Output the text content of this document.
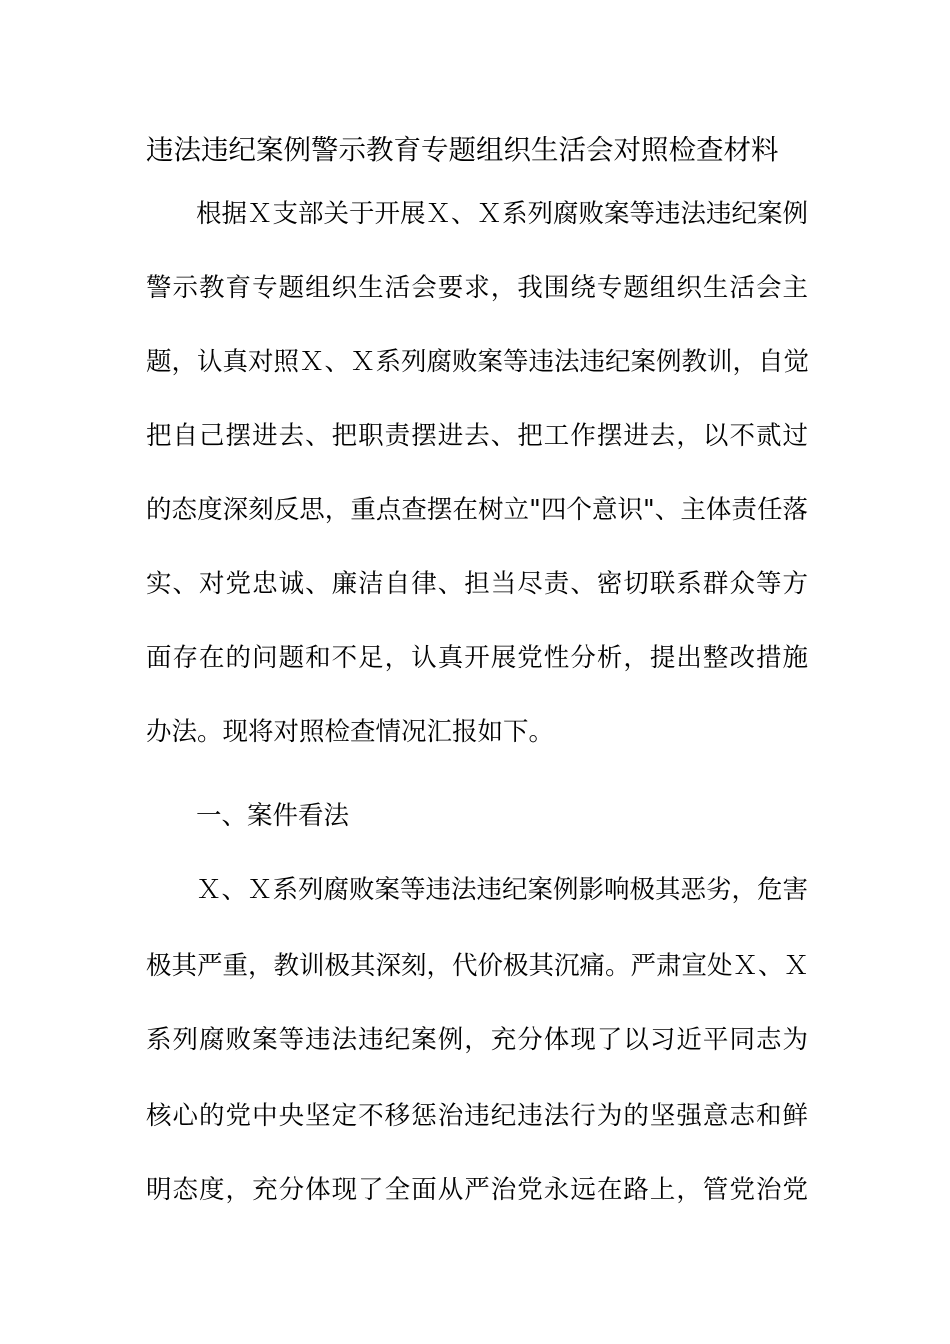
违法违纪案例警示教育专题组织生活会对照检查材料
根据Ｘ支部关于开展Ｘ、Ｘ系列腐败案等违法违纪案例
警示教育专题组织生活会要求，我围绕专题组织生活会主
题，认真对照Ｘ、Ｘ系列腐败案等违法违纪案例教训，自觉
把自己摆进去、把职责摆进去、把工作摆进去，以不贰过
的态度深刻反思，重点查摆在树立"四个意识"、主体责任落
实、对党忠诚、廉洁自律、担当尽责、密切联系群众等方
面存在的问题和不足，认真开展党性分析，提出整改措施
办法。现将对照检查情况汇报如下。
一、案件看法
Ｘ、Ｘ系列腐败案等违法违纪案例影响极其恶劣，危害
极其严重，教训极其深刻，代价极其沉痛。严肃宣处Ｘ、Ｘ
系列腐败案等违法违纪案例，充分体现了以习近平同志为
核心的党中央坚定不移惩治违纪违法行为的坚强意志和鲜
明态度，充分体现了全面从严治党永远在路上，管党治党
